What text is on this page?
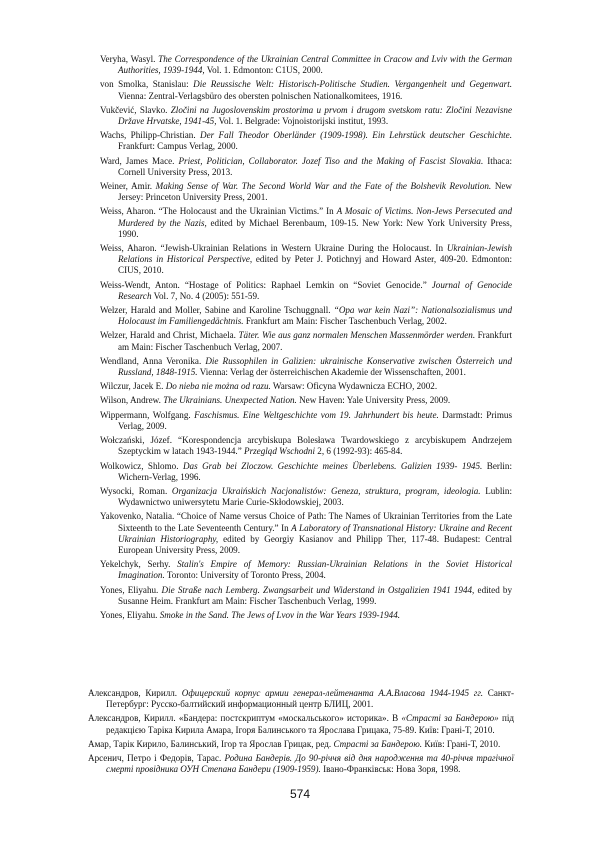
Veryha, Wasyl. The Correspondence of the Ukrainian Central Committee in Cracow and Lviv with the German Authorities, 1939-1944, Vol. 1. Edmonton: C1US, 2000.
von Smolka, Stanislau: Die Reussische Welt: Historisch-Politische Studien. Vergangenheit und Gegenwart. Vienna: Zentral-Verlagsbüro des obersten polnischen Nationalkomitees, 1916.
Vukčević, Slavko. Zločini na Jugoslovenskim prostorima u prvom i drugom svetskom ratu: Zločini Nezavisne Države Hrvatske, 1941-45, Vol. 1. Belgrade: Vojnoistorijski institut, 1993.
Wachs, Philipp-Christian. Der Fall Theodor Oberländer (1909-1998). Ein Lehrstück deutscher Geschichte. Frankfurt: Campus Verlag, 2000.
Ward, James Mace. Priest, Politician, Collaborator. Jozef Tiso and the Making of Fascist Slovakia. Ithaca: Cornell University Press, 2013.
Weiner, Amir. Making Sense of War. The Second World War and the Fate of the Bolshevik Revolution. New Jersey: Princeton University Press, 2001.
Weiss, Aharon. “The Holocaust and the Ukrainian Victims.” In A Mosaic of Victims. Non-Jews Persecuted and Murdered by the Nazis, edited by Michael Berenbaum, 109-15. New York: New York University Press, 1990.
Weiss, Aharon. “Jewish-Ukrainian Relations in Western Ukraine During the Holocaust. In Ukrainian-Jewish Relations in Historical Perspective, edited by Peter J. Potichnyj and Howard Aster, 409-20. Edmonton: CIUS, 2010.
Weiss-Wendt, Anton. “Hostage of Politics: Raphael Lemkin on “Soviet Genocide.” Journal of Genocide Research Vol. 7, No. 4 (2005): 551-59.
Welzer, Harald and Moller, Sabine and Karoline Tschuggnall. “Opa war kein Nazi”: Nationalsozialismus und Holocaust im Familiengedächtnis. Frankfurt am Main: Fischer Taschenbuch Verlag, 2002.
Welzer, Harald and Christ, Michaela. Täter. Wie aus ganz normalen Menschen Massenmörder werden. Frankfurt am Main: Fischer Taschenbuch Verlag, 2007.
Wendland, Anna Veronika. Die Russophilen in Galizien: ukrainische Konservative zwischen Österreich und Russland, 1848-1915. Vienna: Verlag der österreichischen Akademie der Wissenschaften, 2001.
Wilczur, Jacek E. Do niebа nie można od razu. Warsaw: Oficyna Wydawnicza ECHO, 2002.
Wilson, Andrew. The Ukrainians. Unexpected Nation. New Haven: Yale University Press, 2009.
Wippermann, Wolfgang. Faschismus. Eine Weltgeschichte vom 19. Jahrhundert bis heute. Darmstadt: Primus Verlag, 2009.
Wołczański, Józef. “Korespondencja arcybiskupa Bolesława Twardowskiego z arcybiskupem Andrzejem Szeptyckim w latach 1943-1944.” Przegląd Wschodni 2, 6 (1992-93): 465-84.
Wolkowicz, Shlomo. Das Grab bei Zloczow. Geschichte meines Überlebens. Galizien 1939- 1945. Berlin: Wichern-Verlag, 1996.
Wysocki, Roman. Organizacja Ukraińskich Nacjonalistów: Geneza, struktura, program, ideologia. Lublin: Wydawnictwo uniwersytetu Marie Curie-Skłodowskiej, 2003.
Yakovenko, Natalia. “Choice of Name versus Choice of Path: The Names of Ukrainian Territories from the Late Sixteenth to the Late Seventeenth Century.” In A Laboratory of Transnational History: Ukraine and Recent Ukrainian Historiography, edited by Georgiy Kasianov and Philipp Ther, 117-48. Budapest: Central European University Press, 2009.
Yekelchyk, Serhy. Stalin's Empire of Memory: Russian-Ukrainian Relations in the Soviet Historical Imagination. Toronto: University of Toronto Press, 2004.
Yones, Eliyahu. Die Straße nach Lemberg. Zwangsarbeit und Widerstand in Ostgalizien 1941 1944, edited by Susanne Heim. Frankfurt am Main: Fischer Taschenbuch Verlag, 1999.
Yones, Eliyahu. Smoke in the Sand. The Jews of Lvov in the War Years 1939-1944.
Александров, Кирилл. Офицерский корпус армии генерал-лейтенанта А.А.Власова 1944-1945 гг. Санкт-Петербург: Русско-балтийский информационный центр БЛИЦ, 2001.
Александров, Кирилл. «Бандера: постскриптум «москальського» историка». В «Страсті за Бандерою» під редакцією Таріка Кирила Амара, Ігоря Балинського та Ярослава Грицака, 75-89. Київ: Грані-Т, 2010.
Амар, Тарік Кирило, Балинський, Ігор та Ярослав Грицак, ред. Страсті за Бандерою. Київ: Грані-Т, 2010.
Арсенич, Петро і Федорів, Тарас. Родина Бандерів. До 90-річчя від дня народження та 40-річчя трагічної смерті провідника ОУН Степана Бандери (1909-1959). Івано-Франківськ: Нова Зоря, 1998.
574
